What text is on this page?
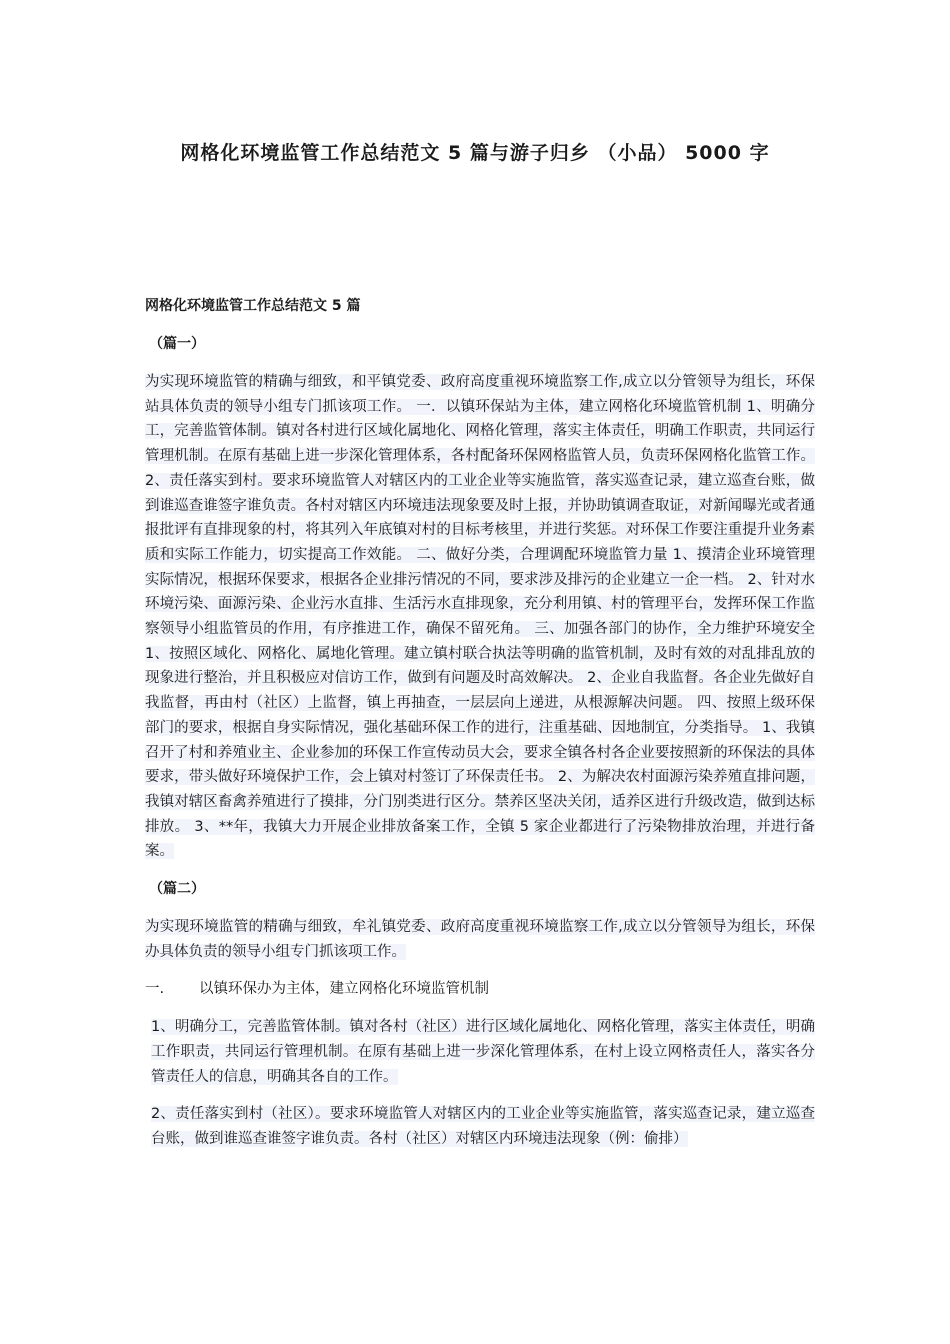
网格化环境监管工作总结范文 5 篇与游子归乡 （小品） 5000 字
网格化环境监管工作总结范文 5 篇
（篇一）

为实现环境监管的精确与细致，和平镇党委、政府高度重视环境监察工作,成立以分管领导为组长，环保站具体负责的领导小组专门抓该项工作。 一．以镇环保站为主体，建立网格化环境监管机制 1、明确分工，完善监管体制。镇对各村进行区域化属地化、网格化管理，落实主体责任，明确工作职责，共同运行管理机制。在原有基础上进一步深化管理体系，各村配备环保网格监管人员，负责环保网格化监管工作。 2、责任落实到村。要求环境监管人对辖区内的工业企业等实施监管，落实巡查记录，建立巡查台账，做到谁巡查谁签字谁负责。各村对辖区内环境违法现象要及时上报，并协助镇调查取证，对新闻曝光或者通报批评有直排现象的村，将其列入年底镇对村的目标考核里，并进行奖惩。对环保工作要注重提升业务素质和实际工作能力，切实提高工作效能。 二、做好分类，合理调配环境监管力量 1、摸清企业环境管理实际情况，根据环保要求，根据各企业排污情况的不同，要求涉及排污的企业建立一企一档。 2、针对水环境污染、面源污染、企业污水直排、生活污水直排现象，充分利用镇、村的管理平台，发挥环保工作监察领导小组监管员的作用，有序推进工作，确保不留死角。 三、加强各部门的协作，全力维护环境安全 1、按照区域化、网格化、属地化管理。建立镇村联合执法等明确的监管机制，及时有效的对乱排乱放的现象进行整治，并且积极应对信访工作，做到有问题及时高效解决。 2、企业自我监督。各企业先做好自我监督，再由村（社区）上监督，镇上再抽查，一层层向上递进，从根源解决问题。 四、按照上级环保部门的要求，根据自身实际情况，强化基础环保工作的进行，注重基础、因地制宜，分类指导。 1、我镇召开了村和养殖业主、企业参加的环保工作宣传动员大会，要求全镇各村各企业要按照新的环保法的具体要求，带头做好环境保护工作，会上镇对村签订了环保责任书。 2、为解决农村面源污染养殖直排问题，我镇对辖区畜禽养殖进行了摸排，分门别类进行区分。禁养区坚决关闭，适养区进行升级改造，做到达标排放。 3、**年，我镇大力开展企业排放备案工作，全镇 5 家企业都进行了污染物排放治理，并进行备案。

（篇二）

为实现环境监管的精确与细致，牟礼镇党委、政府高度重视环境监察工作,成立以分管领导为组长，环保办具体负责的领导小组专门抓该项工作。

一.	以镇环保办为主体，建立网格化环境监管机制

1、明确分工，完善监管体制。镇对各村（社区）进行区域化属地化、网格化管理，落实主体责任，明确工作职责，共同运行管理机制。在原有基础上进一步深化管理体系，在村上设立网格责任人，落实各分管责任人的信息，明确其各自的工作。

2、责任落实到村（社区）。要求环境监管人对辖区内的工业企业等实施监管，落实巡查记录，建立巡查台账，做到谁巡查谁签字谁负责。各村（社区）对辖区内环境违法现象（例：偷排）
